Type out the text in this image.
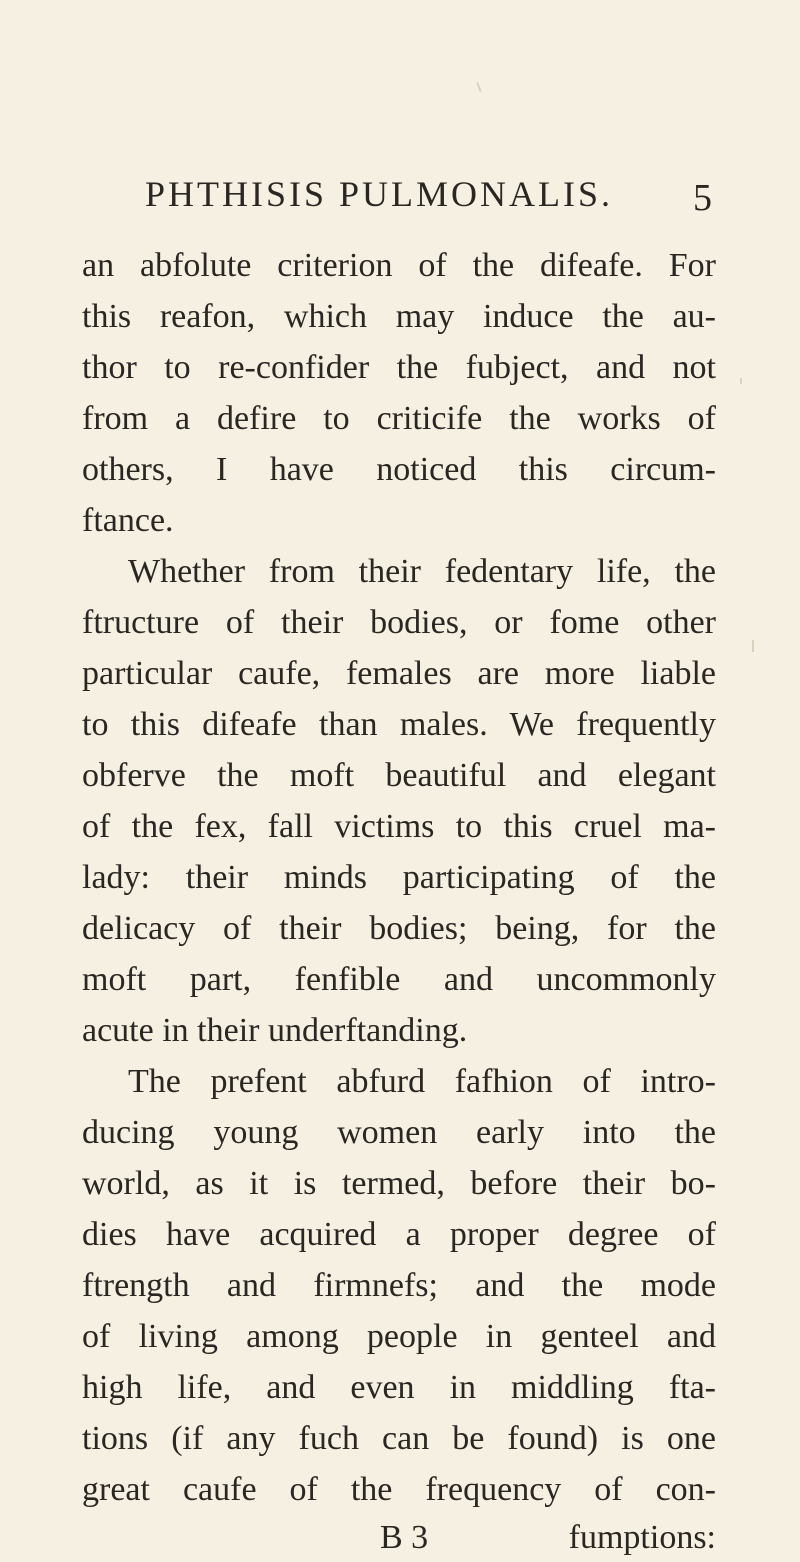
PHTHISIS PULMONALIS. 5
an abfolute criterion of the difeafe. For
this reafon, which may induce the au-
thor to re-confider the fubject, and not
from a defire to criticife the works of
others, I have noticed this circum-
ftance.
Whether from their fedentary life, the
ftructure of their bodies, or fome other
particular caufe, females are more liable
to this difeafe than males. We frequently
obferve the moft beautiful and elegant
of the fex, fall victims to this cruel ma-
lady: their minds participating of the
delicacy of their bodies; being, for the
moft part, fenfible and uncommonly
acute in their underftanding.
The prefent abfurd fafhion of intro-
ducing young women early into the
world, as it is termed, before their bo-
dies have acquired a proper degree of
ftrength and firmnefs; and the mode
of living among people in genteel and
high life, and even in middling fta-
tions (if any fuch can be found) is one
great caufe of the frequency of con-
B 3	fumptions:
